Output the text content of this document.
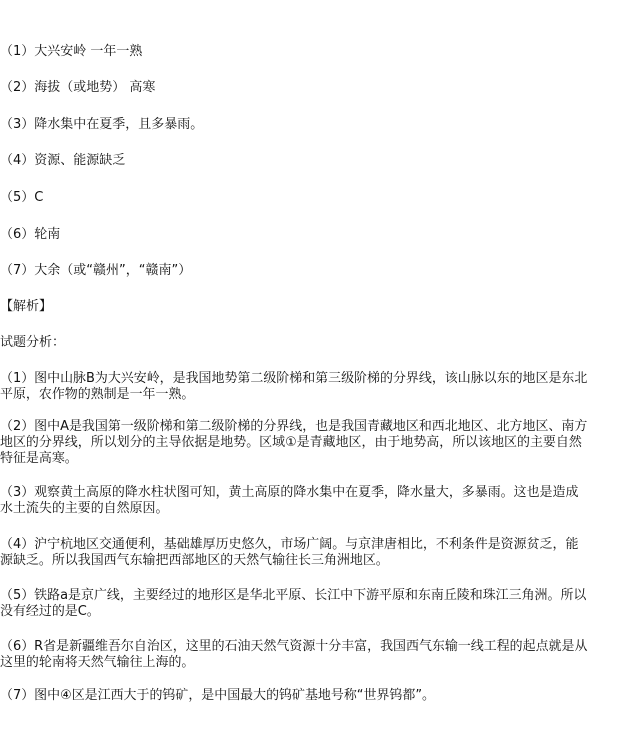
（1）大兴安岭 一年一熟
（2）海拔（或地势） 高寒
（3）降水集中在夏季，且多暴雨。
（4）资源、能源缺乏
（5）C
（6）轮南
（7）大余（或“赣州”，“赣南”）
【解析】
试题分析：
（1）图中山脉B为大兴安岭，是我国地势第二级阶梯和第三级阶梯的分界线，该山脉以东的地区是东北 平原，农作物的熟制是一年一熟。
（2）图中A是我国第一级阶梯和第二级阶梯的分界线，也是我国青藏地区和西北地区、北方地区、南方 地区的分界线，所以划分的主导依据是地势。区域①是青藏地区，由于地势高，所以该地区的主要自然 特征是高寒。
（3）观察黄土高原的降水柱状图可知，黄土高原的降水集中在夏季，降水量大，多暴雨。这也是造成 水土流失的主要的自然原因。
（4）沪宁杭地区交通便利，基础雄厚历史悠久，市场广阔。与京津唐相比，不利条件是资源贫乏，能 源缺乏。所以我国西气东输把西部地区的天然气输往长三角洲地区。
（5）铁路a是京广线，主要经过的地形区是华北平原、长江中下游平原和东南丘陵和珠江三角洲。所以 没有经过的是C。
（6）R省是新疆维吾尔自治区，这里的石油天然气资源十分丰富，我国西气东输一线工程的起点就是从 这里的轮南将天然气输往上海的。
（7）图中④区是江西大于的钨矿，是中国最大的钨矿基地号称“世界钨都”。
